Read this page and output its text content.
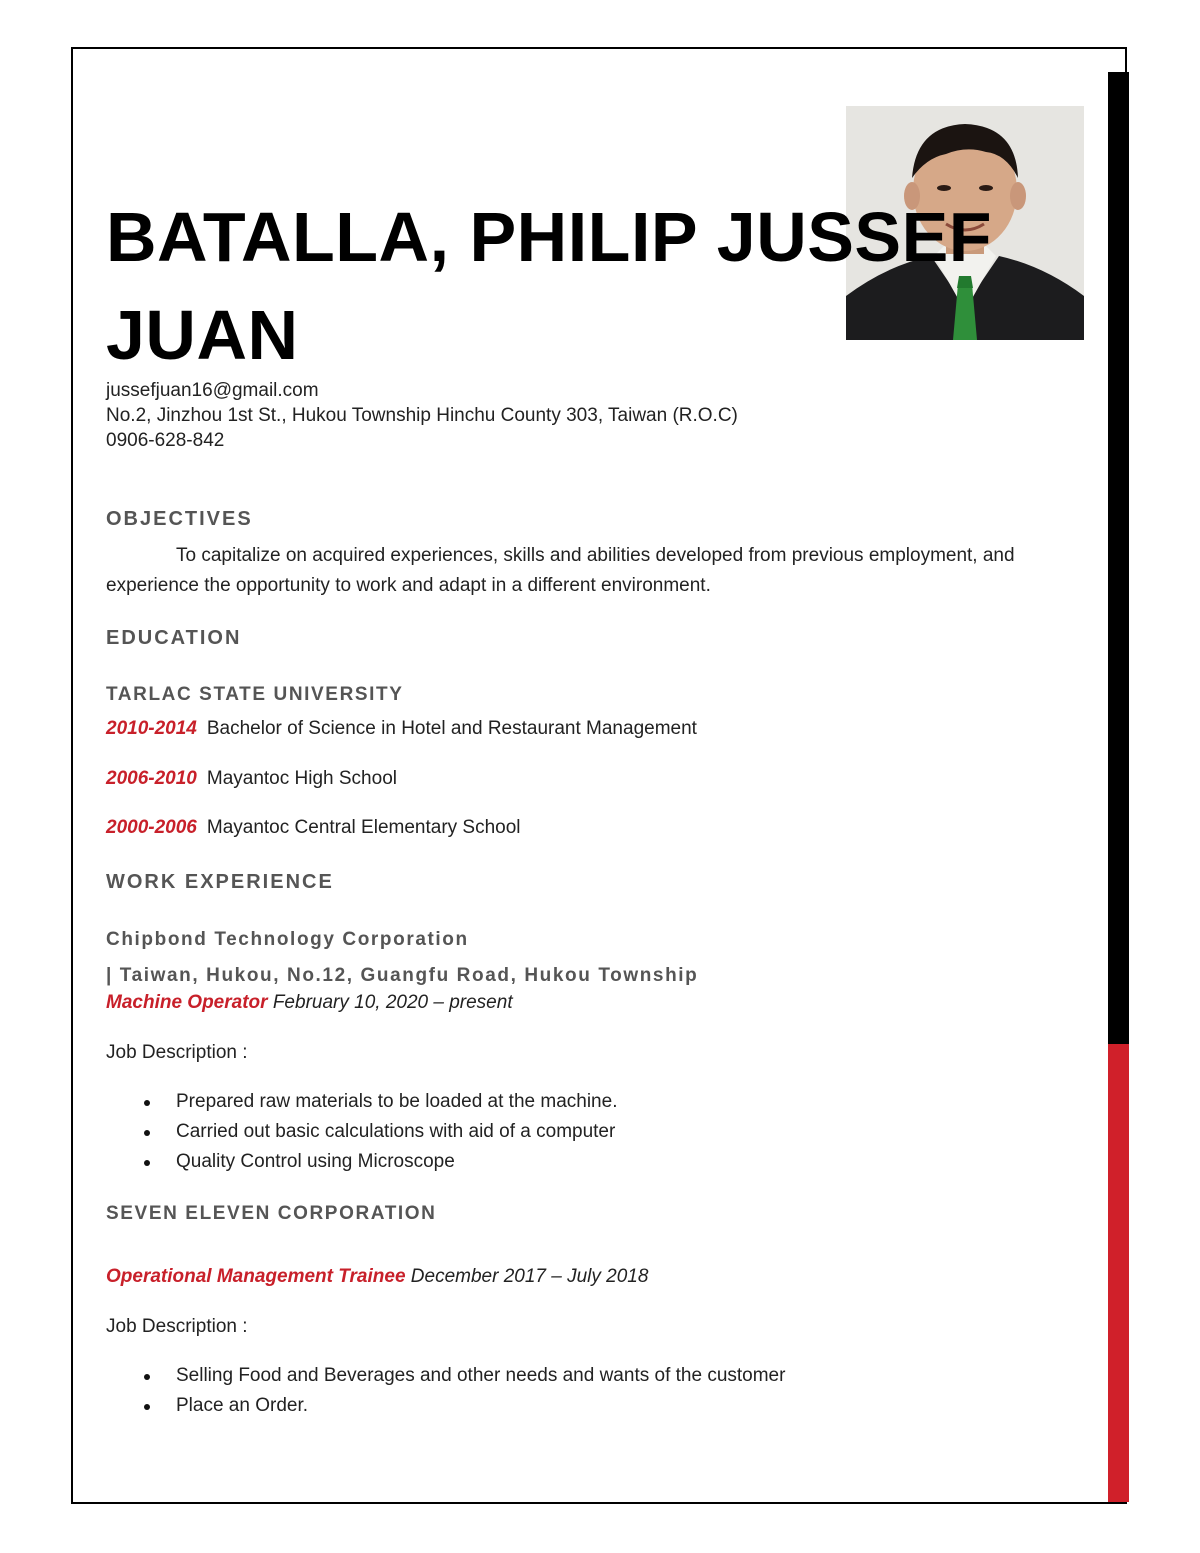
BATALLA, PHILIP JUSSEF
JUAN
jussefjuan16@gmail.com
No.2, Jinzhou 1st St., Hukou Township Hinchu County 303, Taiwan (R.O.C)
0906-628-842
OBJECTIVES

To capitalize on acquired experiences, skills and abilities developed from previous employment, and experience the opportunity to work and adapt in a different environment.

EDUCATION
TARLAC STATE UNIVERSITY
2010-2014 Bachelor of Science in Hotel and Restaurant Management
2006-2010 Mayantoc High School
2000-2006 Mayantoc Central Elementary School
WORK EXPERIENCE
Chipbond Technology Corporation
| Taiwan, Hukou, No.12, Guangfu Road, Hukou Township
Machine Operator February 10, 2020 – present
Job Description :
Prepared raw materials to be loaded at the machine.
Carried out basic calculations with aid of a computer
Quality Control using Microscope
SEVEN ELEVEN CORPORATION
Operational Management Trainee December 2017 – July 2018
Job Description :
Selling Food and Beverages and other needs and wants of the customer
Place an Order.
